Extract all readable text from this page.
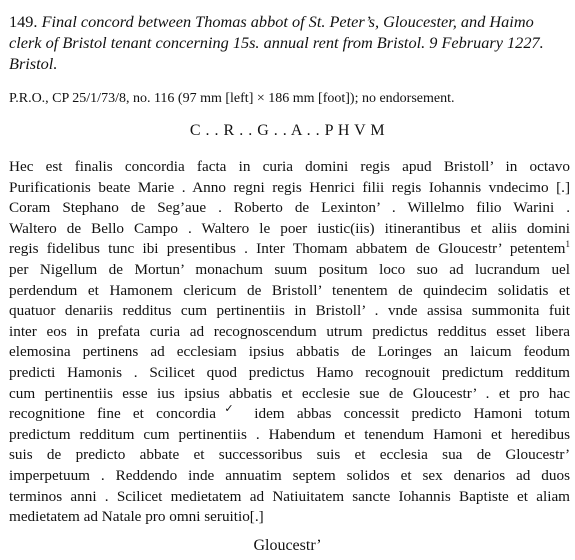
149. Final concord between Thomas abbot of St. Peter’s, Gloucester, and Haimo clerk of Bristol tenant concerning 15s. annual rent from Bristol. 9 February 1227. Bristol.
P.R.O., CP 25/1/73/8, no. 116 (97 mm [left] × 186 mm [foot]); no endorsement.
C . . R . . G . . A . . P H V M
Hec est finalis concordia facta in curia domini regis apud Bristoll’ in octavo
Purificationis beate Marie . Anno regni regis Henrici filii regis Iohannis vndecimo [.]
Coram Stephano de Seg’aue . Roberto de Lexinton’ . Willelmo filio Warini .
Waltero de Bello Campo . Waltero le poer iustic(iis) itinerantibus et aliis domini
regis fidelibus tunc ibi presentibus . Inter Thomam abbatem de Gloucestr’ petentem$^1$
per Nigellum de Mortun’ monachum suum positum loco suo ad lucrandum uel
perdendum et Hamonem clericum de Bristoll’ tenentem de quindecim solidatis et
quatuor denariis redditus cum pertinentiis in Bristoll’ . vnde assisa summonita fuit
inter eos in prefata curia ad recognoscendum utrum predictus redditus esset libera
elemosina pertinens ad ecclesiam ipsius abbatis de Loringes an laicum feodum
predicti Hamonis . Scilicet quod predictus Hamo recognouit predictum redditum
cum pertinentiis esse ius ipsius abbatis et ecclesie sue de Gloucestr’ . et pro hac
recognitione fine et concordia✓ idem abbas concessit predicto Hamoni totum
predictum redditum cum pertinentiis . Habendum et tenendum Hamoni et heredibus
suis de predicto abbate et successoribus suis et ecclesia sua de Gloucestr’
imperpetuum . Reddendo inde annuatim septem solidos et sex denarios ad duos
terminos anni . Scilicet medietatem ad Natiuitatem sancte Iohannis Baptiste et aliam
medietatem ad Natale pro omni seruitio[.]
Gloucestr’
